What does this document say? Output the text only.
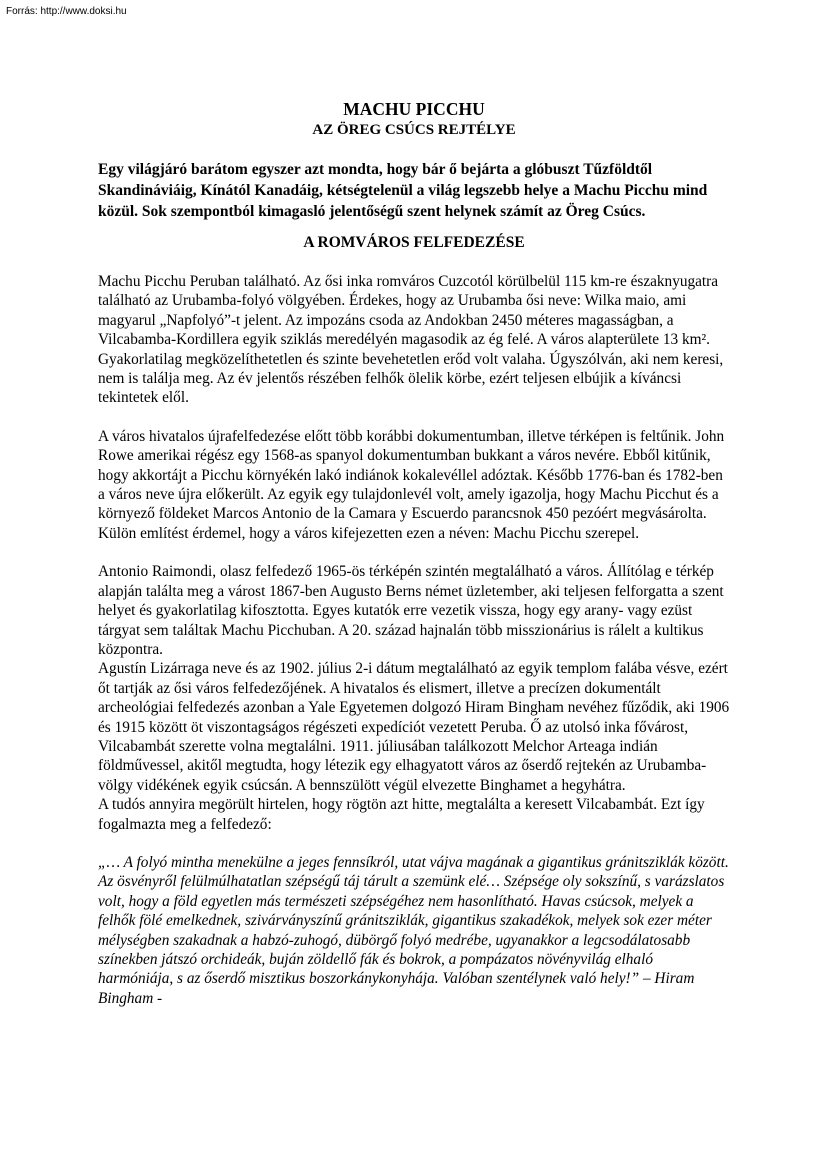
Forrás: http://www.doksi.hu
MACHU PICCHU
AZ ÖREG CSÚCS REJTÉLYE

Egy világjáró barátom egyszer azt mondta, hogy bár ő bejárta a glóbuszt Tűzföldtől Skandináviáig, Kínától Kanadáig, kétségtelenül a világ legszebb helye a Machu Picchu mind közül. Sok szempontból kimagasló jelentőségű szent helynek számít az Öreg Csúcs.

A ROMVÁROS FELFEDEZÉSE

Machu Picchu Peruban található. Az ősi inka romváros Cuzcotól körülbelül 115 km-re északnyugatra található az Urubamba-folyó völgyében. Érdekes, hogy az Urubamba ősi neve: Wilka maio, ami magyarul „Napfolyó”-t jelent. Az impozáns csoda az Andokban 2450 méteres magasságban, a Vilcabamba-Kordillera egyik sziklás meredélyén magasodik az ég felé. A város alapterülete 13 km². Gyakorlatilag megközelíthetetlen és szinte bevehetetlen erőd volt valaha. Úgyszólván, aki nem keresi, nem is találja meg. Az év jelentős részében felhők ölelik körbe, ezért teljesen elbújik a kíváncsi tekintetek elől.

A város hivatalos újrafelfedezése előtt több korábbi dokumentumban, illetve térképen is feltűnik. John Rowe amerikai régész egy 1568-as spanyol dokumentumban bukkant a város nevére. Ebből kitűnik, hogy akkortájt a Picchu környékén lakó indiánok kokalevéllel adóztak. Később 1776-ban és 1782-ben a város neve újra előkerült. Az egyik egy tulajdonlevél volt, amely igazolja, hogy Machu Picchut és a környező földeket Marcos Antonio de la Camara y Escuerdo parancsnok 450 pezóért megvásárolta. Külön említést érdemel, hogy a város kifejezetten ezen a néven: Machu Picchu szerepel.

Antonio Raimondi, olasz felfedező 1965-ös térképén szintén megtalálható a város. Állítólag e térkép alapján találta meg a várost 1867-ben Augusto Berns német üzletember, aki teljesen felforgatta a szent helyet és gyakorlatilag kifosztotta. Egyes kutatók erre vezetik vissza, hogy egy arany- vagy ezüst tárgyat sem találtak Machu Picchuban. A 20. század hajnalán több misszionárius is rálelt a kultikus központra.

Agustín Lizárraga neve és az 1902. július 2-i dátum megtalálható az egyik templom falába vésve, ezért őt tartják az ősi város felfedezőjének. A hivatalos és elismert, illetve a precízen dokumentált archeológiai felfedezés azonban a Yale Egyetemen dolgozó Hiram Bingham nevéhez fűződik, aki 1906 és 1915 között öt viszontagságos régészeti expedíciót vezetett Peruba. Ő az utolsó inka fővárost, Vilcabambát szerette volna megtalálni. 1911. júliusában találkozott Melchor Arteaga indián földművessel, akitől megtudta, hogy létezik egy elhagyatott város az őserdő rejtekén az Urubamba-völgy vidékének egyik csúcsán. A bennszülött végül elvezette Binghamet a hegyhátra.

A tudós annyira megörült hirtelen, hogy rögtön azt hitte, megtalálta a keresett Vilcabambát. Ezt így fogalmazta meg a felfedező:

„… A folyó mintha menekülne a jeges fennsíkról, utat vájva magának a gigantikus gránitsziklák között. Az ösvényről felülmúlhatatlan szépségű táj tárult a szemünk elé… Szépsége oly sokszínű, s varázslatos volt, hogy a föld egyetlen más természeti szépségéhez nem hasonlítható. Havas csúcsok, melyek a felhők fölé emelkednek, szivárványszínű gránitsziklák, gigantikus szakadékok, melyek sok ezer méter mélységben szakadnak a habzó-zuhogó, dübörgő folyó medrébe, ugyanakkor a legcsodálatosabb színekben játszó orchideák, buján zöldellő fák és bokrok, a pompázatos növényvilág elhaló harmóniája, s az őserdő misztikus boszorkánykonyhája. Valóban szentélynek való hely!” – Hiram Bingham -
